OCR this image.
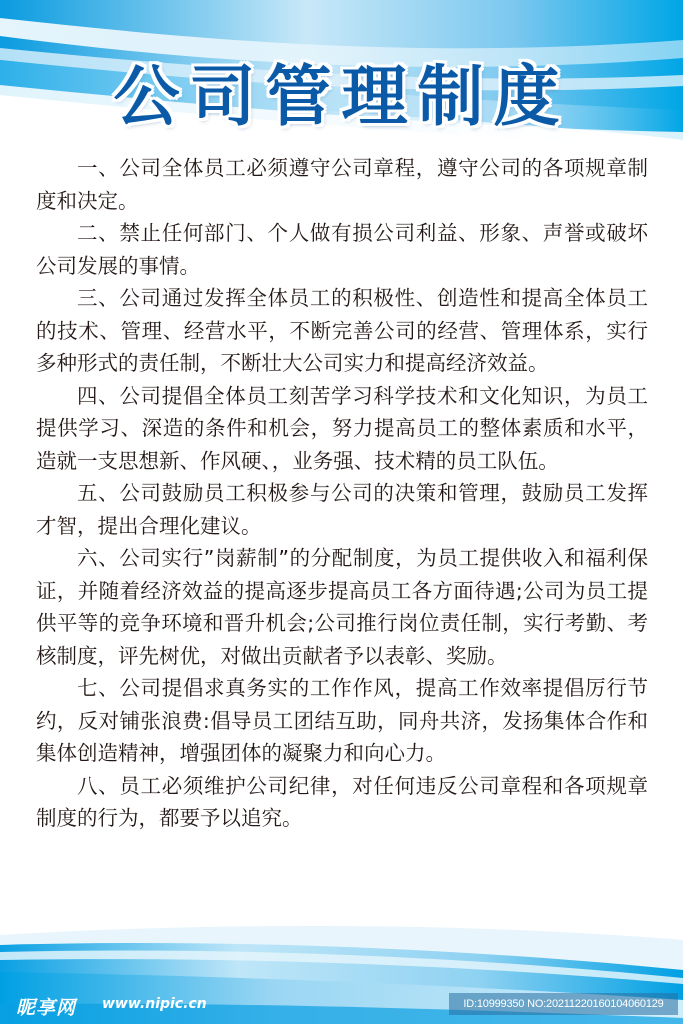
公司管理制度

一、公司全体员工必须遵守公司章程，遵守公司的各项规章制度和决定。

二、禁止任何部门、个人做有损公司利益、形象、声誉或破坏公司发展的事情。

三、公司通过发挥全体员工的积极性、创造性和提高全体员工的技术、管理、经营水平，不断完善公司的经营、管理体系，实行多种形式的责任制，不断壮大公司实力和提高经济效益。

四、公司提倡全体员工刻苦学习科学技术和文化知识，为员工提供学习、深造的条件和机会，努力提高员工的整体素质和水平，造就一支思想新、作风硬、，业务强、技术精的员工队伍。

五、公司鼓励员工积极参与公司的决策和管理，鼓励员工发挥才智，提出合理化建议。

六、公司实行”岗薪制”的分配制度，为员工提供收入和福利保证，并随着经济效益的提高逐步提高员工各方面待遇;公司为员工提供平等的竞争环境和晋升机会;公司推行岗位责任制，实行考勤、考核制度，评先树优，对做出贡献者予以表彰、奖励。

七、公司提倡求真务实的工作作风，提高工作效率提倡厉行节约，反对铺张浪费:倡导员工团结互助，同舟共济，发扬集体合作和集体创造精神，增强团体的凝聚力和向心力。

八、员工必须维护公司纪律，对任何违反公司章程和各项规章制度的行为，都要予以追究。

昵享网 www.nipic.cn	ID:10999350 NO:20211220160104060129
